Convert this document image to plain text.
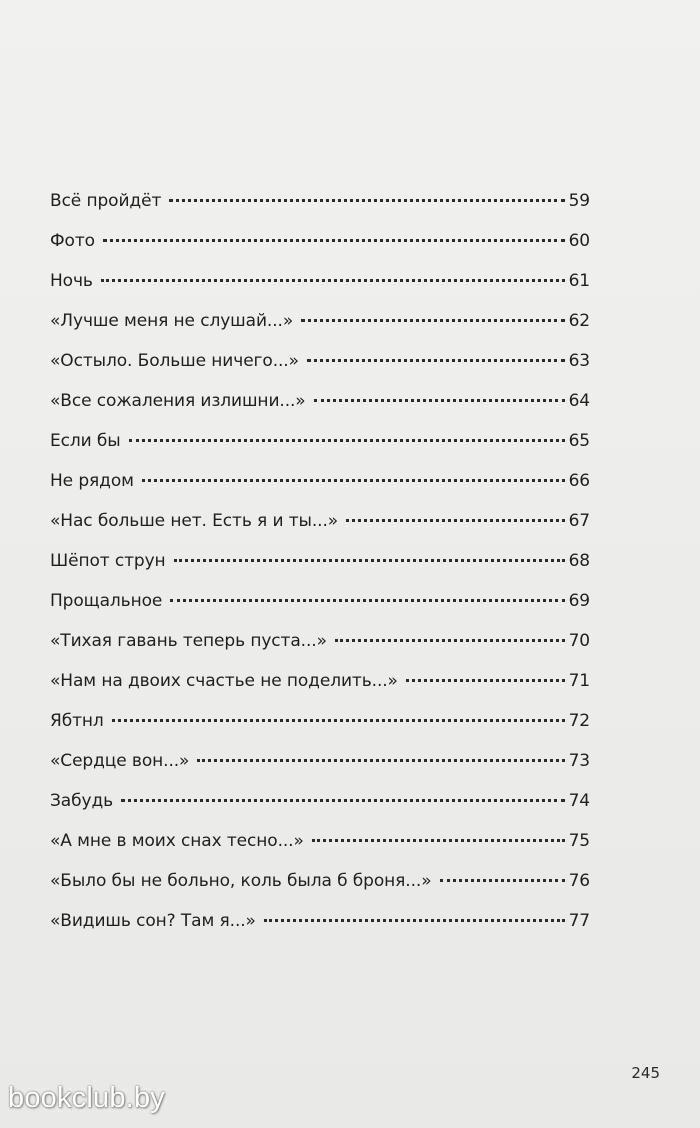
Всё пройдёт	59
Фото	60
Ночь	61
«Лучше меня не слушай...»	62
«Остыло. Больше ничего...»	63
«Все сожаления излишни...»	64
Если бы	65
Не рядом	66
«Нас больше нет. Есть я и ты...»	67
Шёпот струн	68
Прощальное	69
«Тихая гавань теперь пуста...»	70
«Нам на двоих счастье не поделить...»	71
Ябтнл	72
«Сердце вон...»	73
Забудь	74
«А мне в моих снах тесно...»	75
«Было бы не больно, коль была б броня...»	76
«Видишь сон? Там я...»	77
245
bookclub.by
